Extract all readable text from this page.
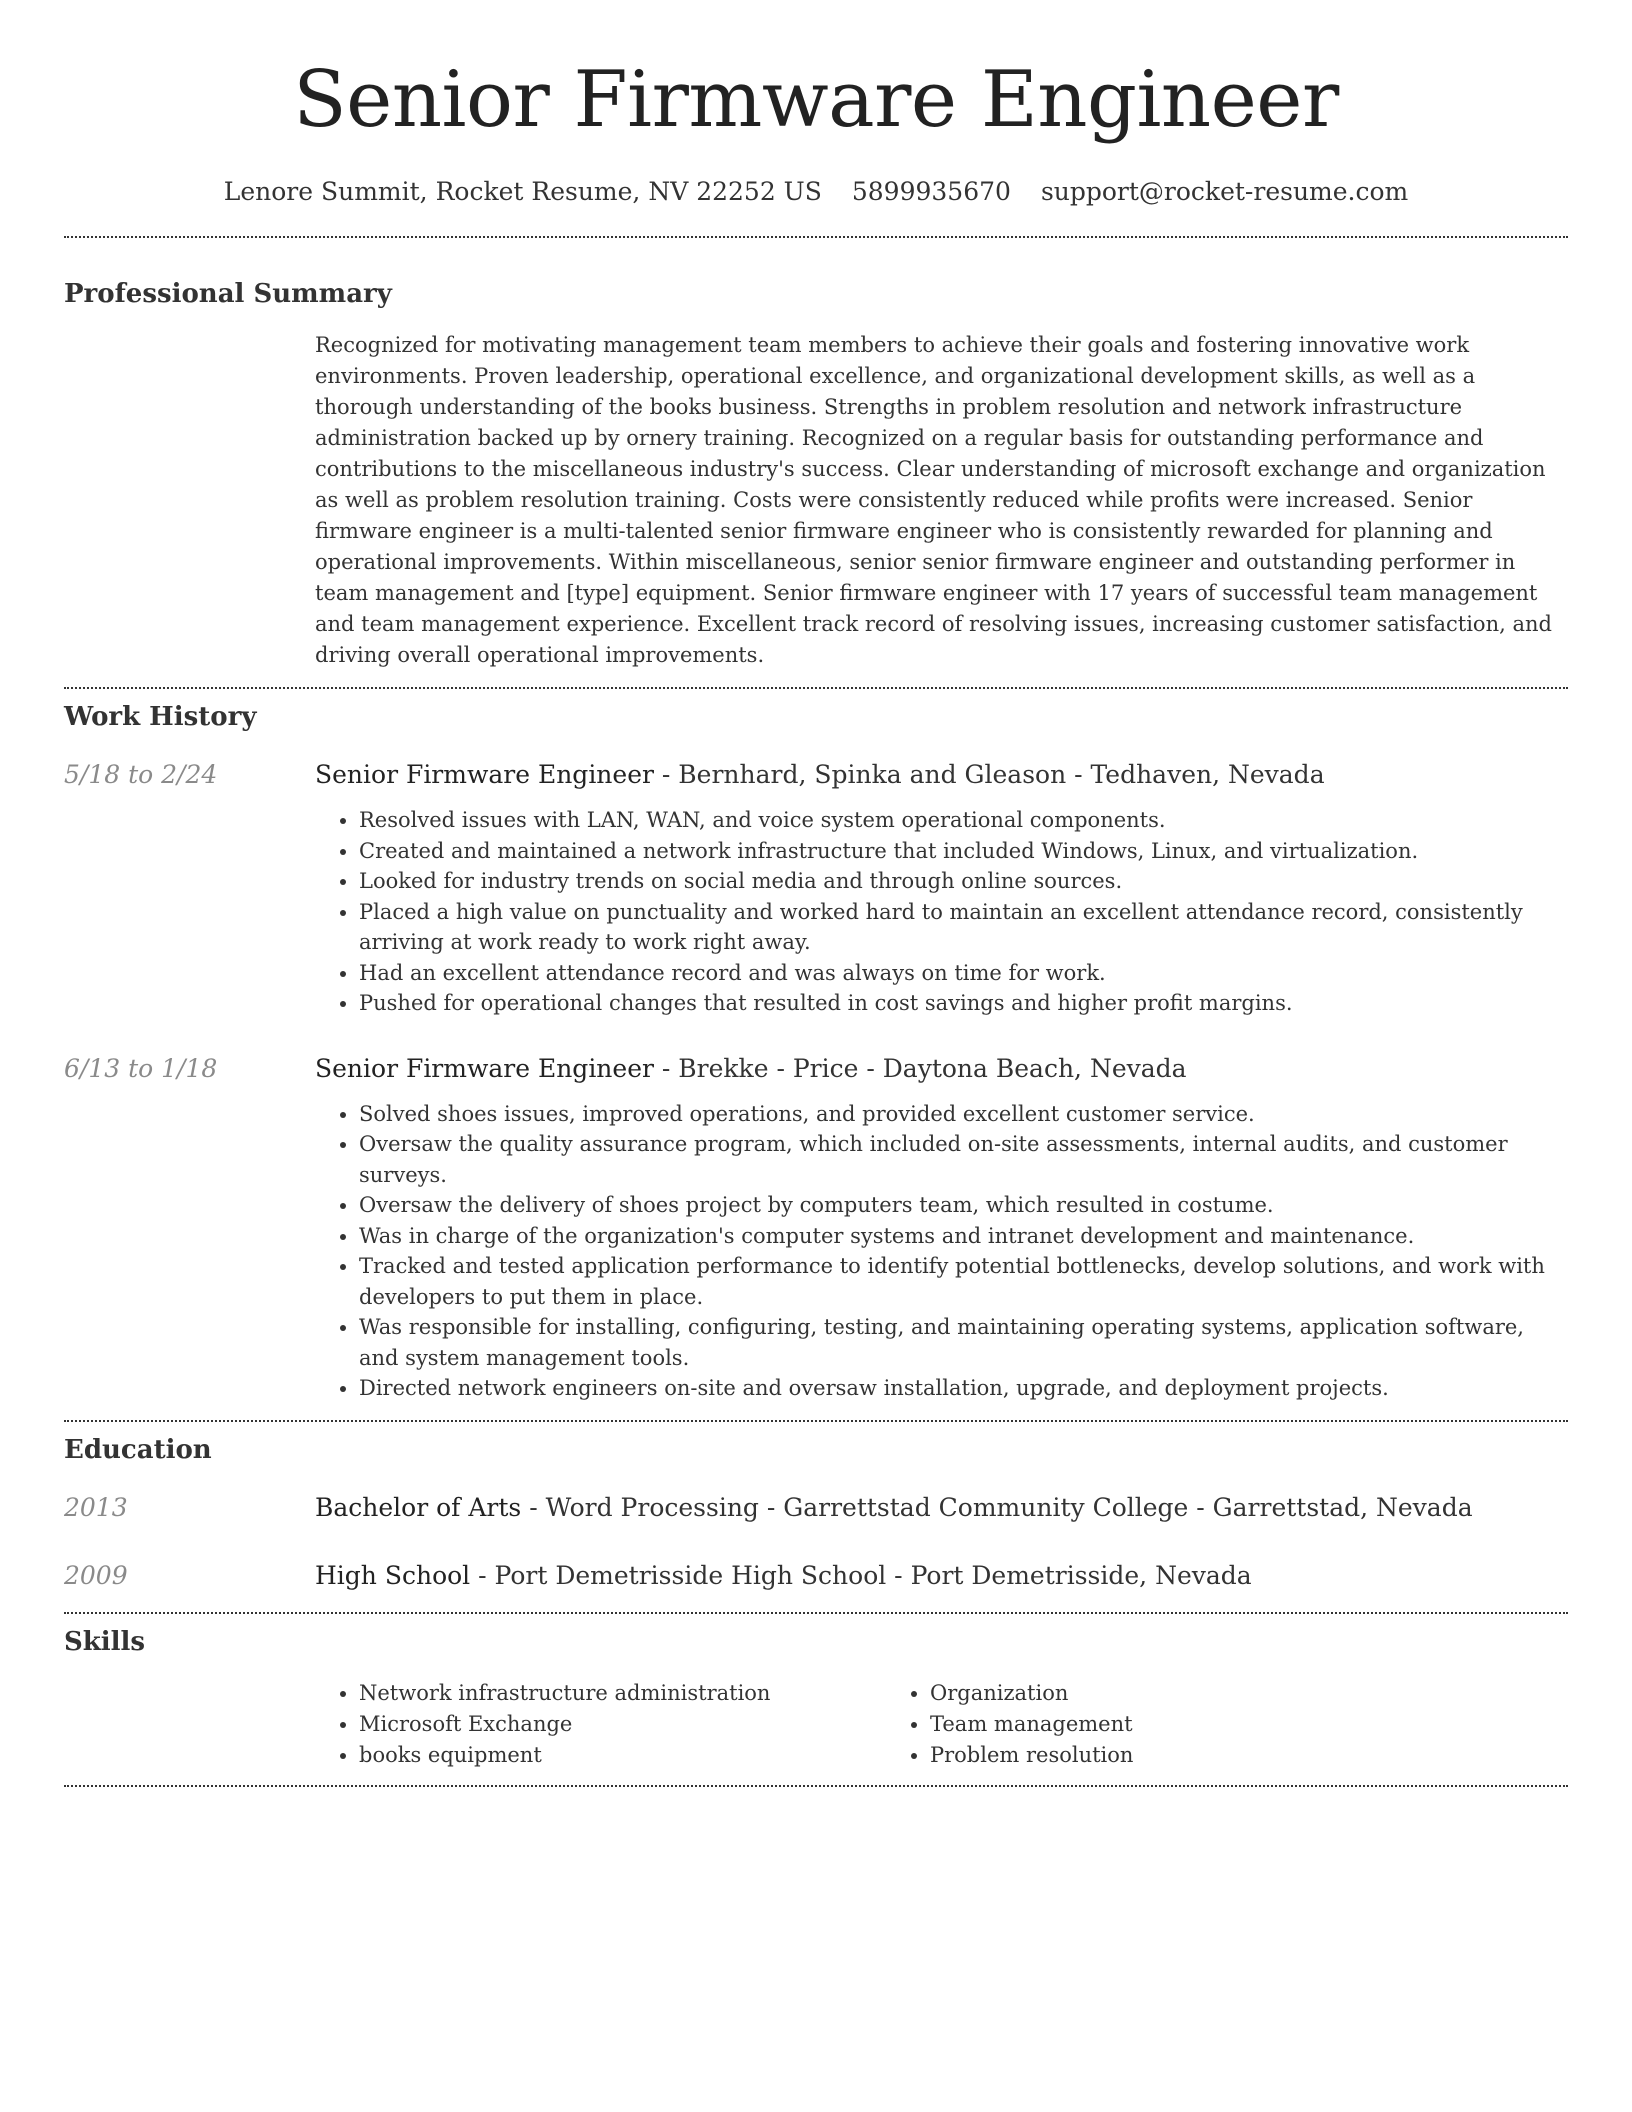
Senior Firmware Engineer
Lenore Summit, Rocket Resume, NV 22252 US 5899935670 support@rocket-resume.com
Professional Summary

Recognized for motivating management team members to achieve their goals and fostering innovative work environments. Proven leadership, operational excellence, and organizational development skills, as well as a thorough understanding of the books business. Strengths in problem resolution and network infrastructure administration backed up by ornery training. Recognized on a regular basis for outstanding performance and contributions to the miscellaneous industry's success. Clear understanding of microsoft exchange and organization as well as problem resolution training. Costs were consistently reduced while profits were increased. Senior firmware engineer is a multi-talented senior firmware engineer who is consistently rewarded for planning and operational improvements. Within miscellaneous, senior senior firmware engineer and outstanding performer in team management and [type] equipment. Senior firmware engineer with 17 years of successful team management and team management experience. Excellent track record of resolving issues, increasing customer satisfaction, and driving overall operational improvements.

Work History
5/18 to 2/24	Senior Firmware Engineer - Bernhard, Spinka and Gleason - Tedhaven, Nevada

• Resolved issues with LAN, WAN, and voice system operational components.
• Created and maintained a network infrastructure that included Windows, Linux, and virtualization.
• Looked for industry trends on social media and through online sources.
• Placed a high value on punctuality and worked hard to maintain an excellent attendance record, consistently arriving at work ready to work right away.
• Had an excellent attendance record and was always on time for work.
• Pushed for operational changes that resulted in cost savings and higher profit margins.
6/13 to 1/18	Senior Firmware Engineer - Brekke - Price - Daytona Beach, Nevada

• Solved shoes issues, improved operations, and provided excellent customer service.
• Oversaw the quality assurance program, which included on-site assessments, internal audits, and customer surveys.
• Oversaw the delivery of shoes project by computers team, which resulted in costume.
• Was in charge of the organization's computer systems and intranet development and maintenance.
• Tracked and tested application performance to identify potential bottlenecks, develop solutions, and work with developers to put them in place.
• Was responsible for installing, configuring, testing, and maintaining operating systems, application software, and system management tools.
• Directed network engineers on-site and oversaw installation, upgrade, and deployment projects.
Education
2013	Bachelor of Arts - Word Processing - Garrettstad Community College - Garrettstad, Nevada

2009	High School - Port Demetrisside High School - Port Demetrisside, Nevada

Skills
• Network infrastructure administration
• Microsoft Exchange
• books equipment
• Organization
• Team management
• Problem resolution
